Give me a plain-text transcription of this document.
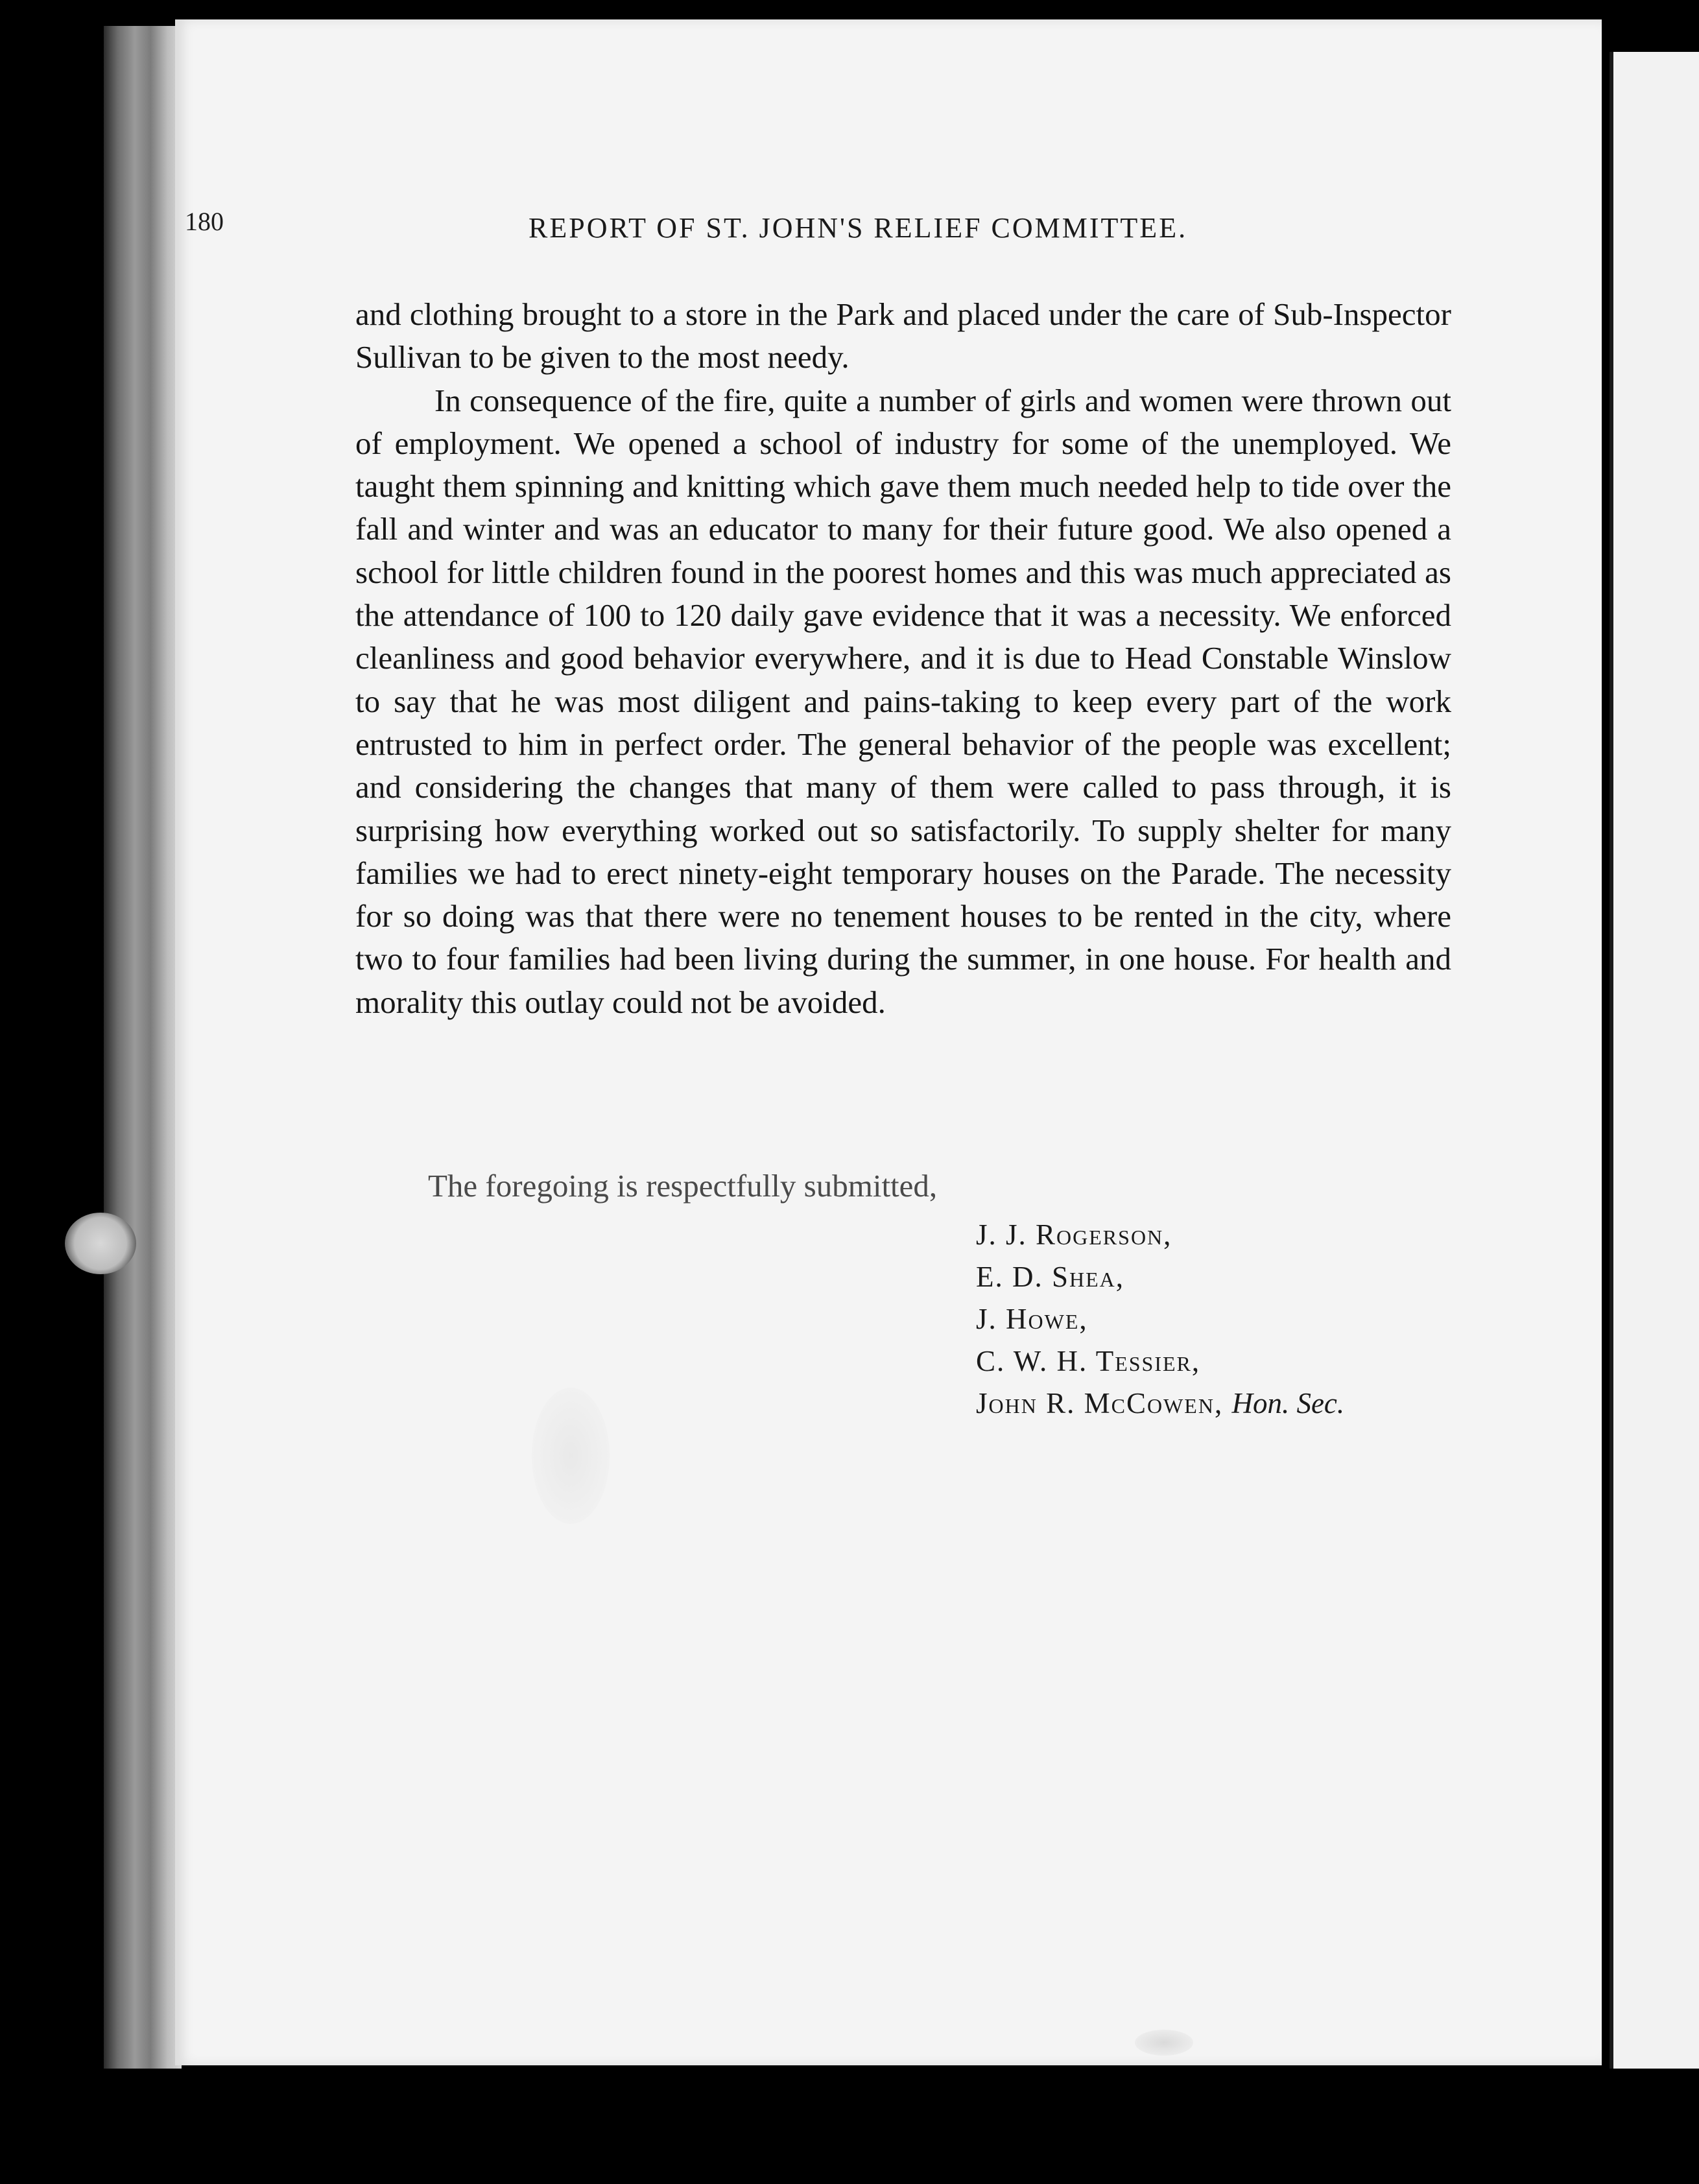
180	REPORT OF ST. JOHN'S RELIEF COMMITTEE.

and clothing brought to a store in the Park and placed under the care of Sub-Inspector Sullivan to be given to the most needy.

In consequence of the fire, quite a number of girls and women were thrown out of employment. We opened a school of industry for some of the unemployed. We taught them spinning and knitting which gave them much needed help to tide over the fall and winter and was an educator to many for their future good. We also opened a school for little children found in the poorest homes and this was much appreciated as the attendance of 100 to 120 daily gave evidence that it was a necessity. We enforced cleanliness and good behavior everywhere, and it is due to Head Constable Winslow to say that he was most diligent and pains-taking to keep every part of the work entrusted to him in perfect order. The general behavior of the people was excellent; and considering the changes that many of them were called to pass through, it is surprising how everything worked out so satisfactorily. To supply shelter for many families we had to erect ninety-eight temporary houses on the Parade. The necessity for so doing was that there were no tenement houses to be rented in the city, where two to four families had been living during the summer, in one house. For health and morality this outlay could not be avoided.

The foregoing is respectfully submitted,

J. J. Rogerson,
E. D. Shea,
J. Howe,
C. W. H. Tessier,
John R. McCowen, Hon. Sec.
